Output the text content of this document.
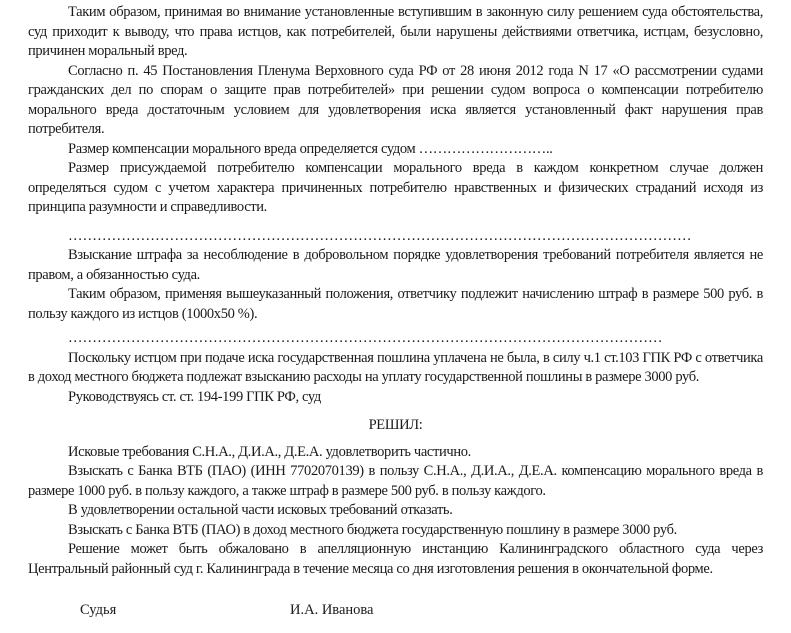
Таким образом, принимая во внимание установленные вступившим в законную силу решением суда обстоятельства, суд приходит к выводу, что права истцов, как потребителей, были нарушены действиями ответчика, истцам, безусловно, причинен моральный вред.

Согласно п. 45 Постановления Пленума Верховного суда РФ от 28 июня 2012 года N 17 «О рассмотрении судами гражданских дел по спорам о защите прав потребителей» при решении судом вопроса о компенсации потребителю морального вреда достаточным условием для удовлетворения иска является установленный факт нарушения прав потребителя.

Размер компенсации морального вреда определяется судом ………………………..

Размер присуждаемой потребителю компенсации морального вреда в каждом конкретном случае должен определяться судом с учетом характера причиненных потребителю нравственных и физических страданий исходя из принципа разумности и справедливости.

…………………………………………………………………………………………………………………

Взыскание штрафа за несоблюдение в добровольном порядке удовлетворения требований потребителя является не правом, а обязанностью суда.

Таким образом, применяя вышеуказанный положения, ответчику подлежит начислению штраф в размере 500 руб. в пользу каждого из истцов (1000х50 %).

……………………………………………………………………………………………………………

Поскольку истцом при подаче иска государственная пошлина уплачена не была, в силу ч.1 ст.103 ГПК РФ с ответчика в доход местного бюджета подлежат взысканию расходы на уплату государственной пошлины в размере 3000 руб.

Руководствуясь ст. ст. 194-199 ГПК РФ, суд

РЕШИЛ:

Исковые требования С.Н.А., Д.И.А., Д.Е.А. удовлетворить частично.

Взыскать с Банка ВТБ (ПАО) (ИНН 7702070139) в пользу С.Н.А., Д.И.А., Д.Е.А. компенсацию морального вреда в размере 1000 руб. в пользу каждого, а также штраф в размере 500 руб. в пользу каждого.

В удовлетворении остальной части исковых требований отказать.

Взыскать с Банка ВТБ (ПАО) в доход местного бюджета государственную пошлину в размере 3000 руб.

Решение может быть обжаловано в апелляционную инстанцию Калининградского областного суда через Центральный районный суд г. Калининграда в течение месяца со дня изготовления решения в окончательной форме.

Судья	И.А. Иванова
